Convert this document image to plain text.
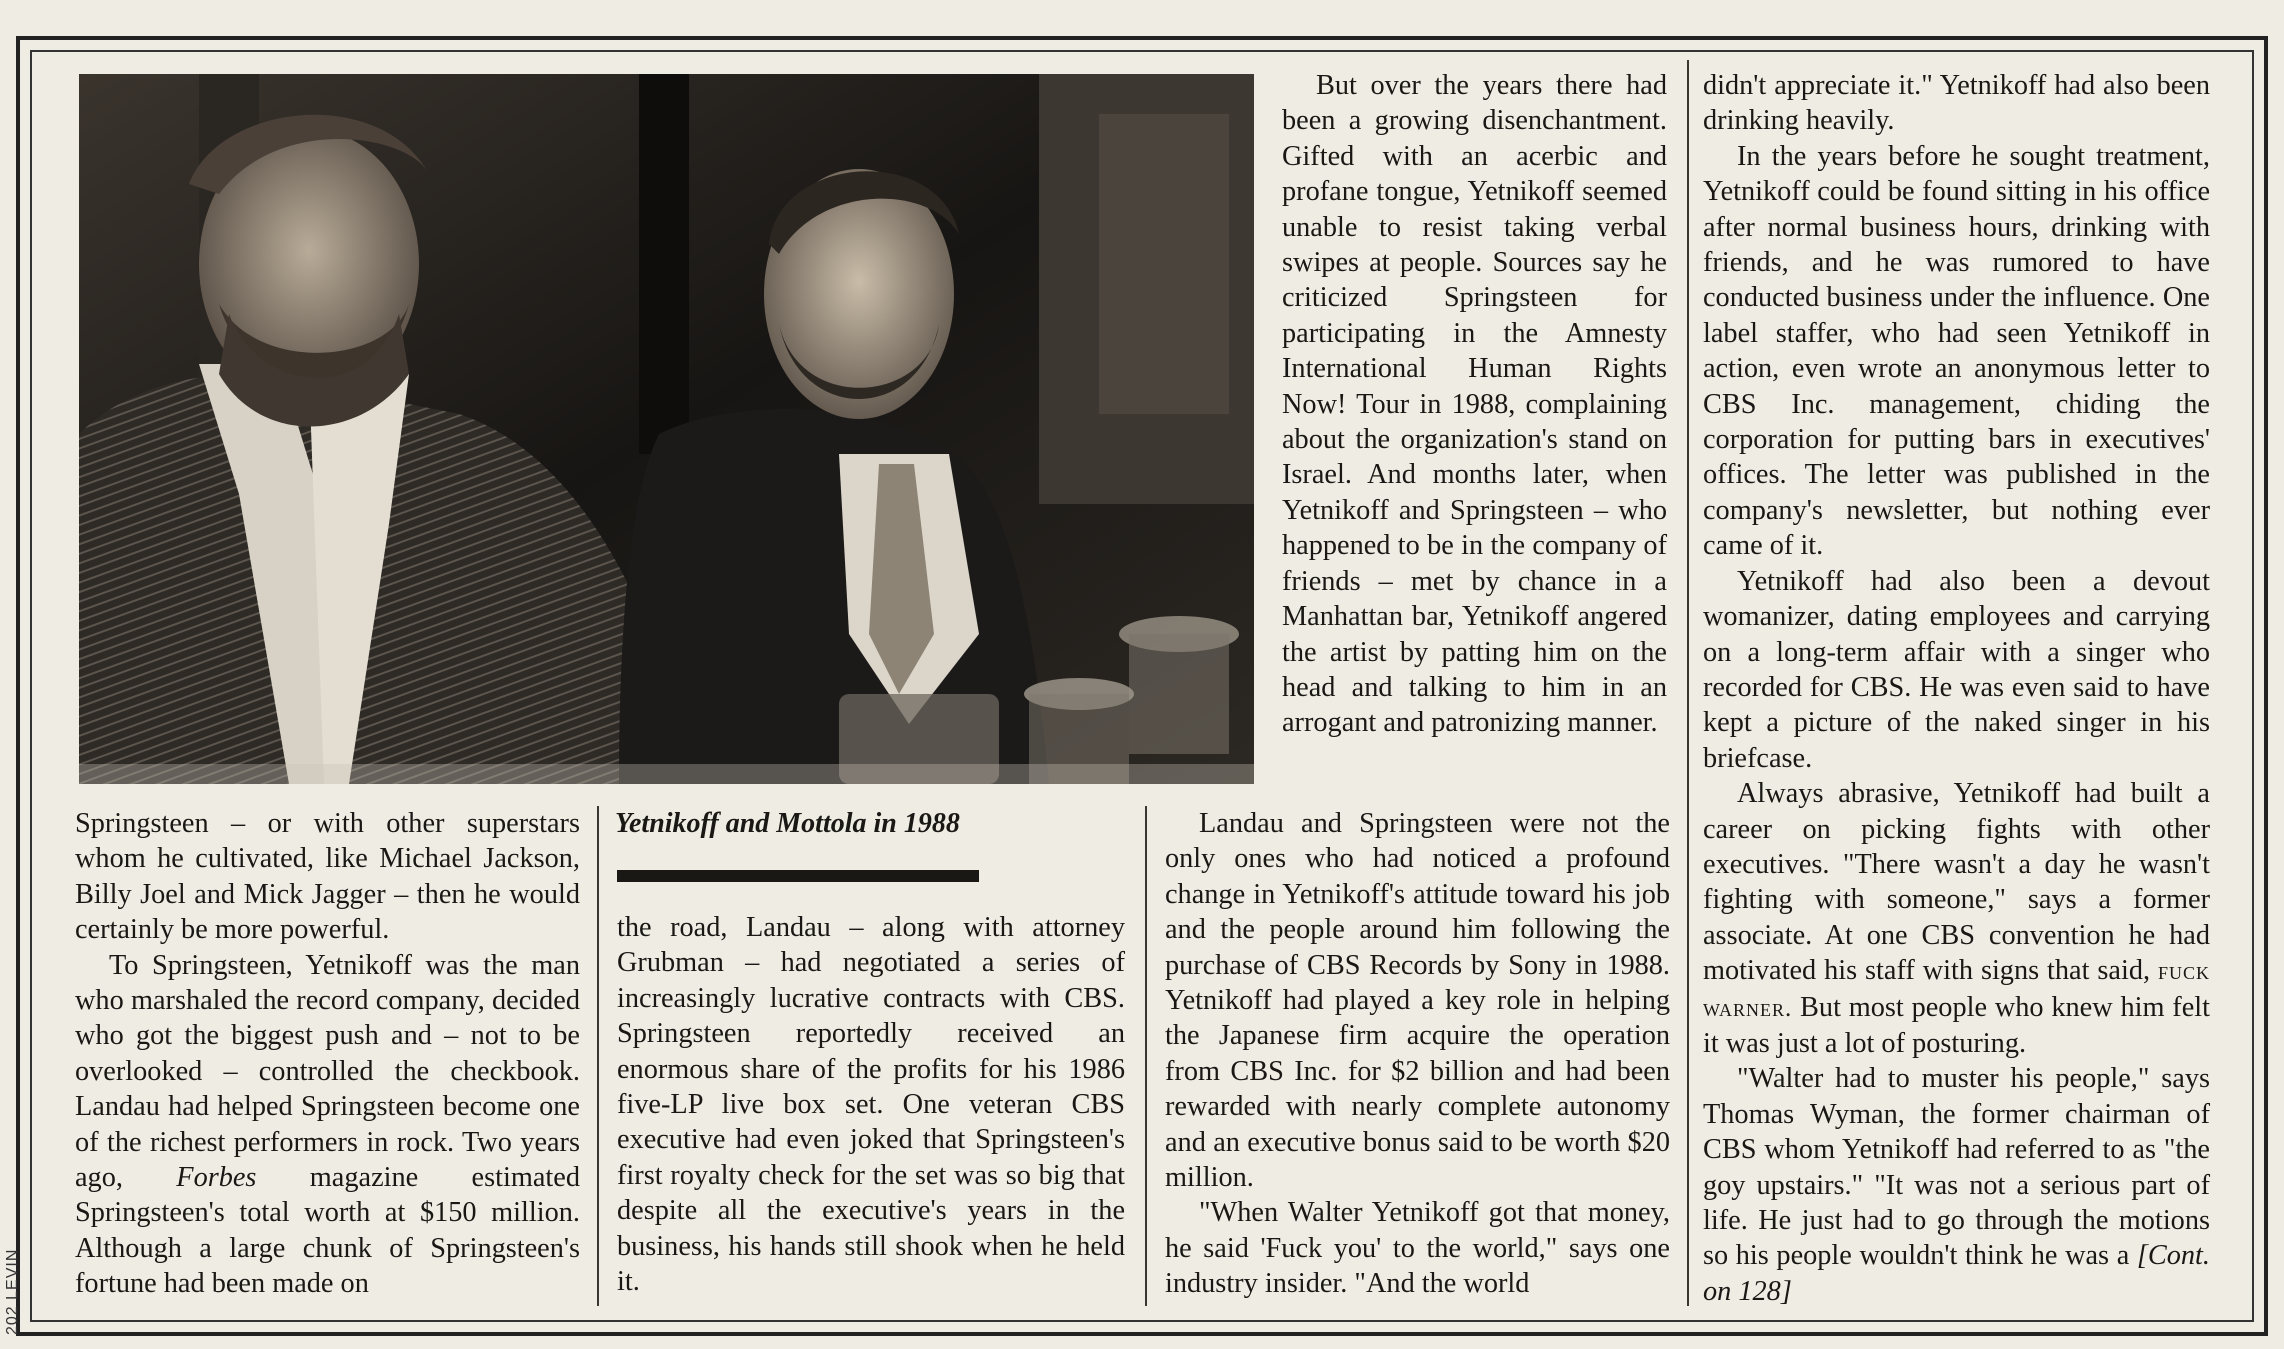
Springsteen – or with other superstars whom he cultivated, like Michael Jackson, Billy Joel and Mick Jagger – then he would certainly be more powerful.

To Springsteen, Yetnikoff was the man who marshaled the record company, decided who got the biggest push and – not to be overlooked – controlled the checkbook. Landau had helped Springsteen become one of the richest performers in rock. Two years ago, Forbes magazine estimated Springsteen's total worth at $150 million. Although a large chunk of Springsteen's fortune had been made on

Yetnikoff and Mottola in 1988

the road, Landau – along with attorney Grubman – had negotiated a series of increasingly lucrative contracts with CBS. Springsteen reportedly received an enormous share of the profits for his 1986 five-LP live box set. One veteran CBS executive had even joked that Springsteen's first royalty check for the set was so big that despite all the executive's years in the business, his hands still shook when he held it.

But over the years there had been a growing disenchantment. Gifted with an acerbic and profane tongue, Yetnikoff seemed unable to resist taking verbal swipes at people. Sources say he criticized Springsteen for participating in the Amnesty International Human Rights Now! Tour in 1988, complaining about the organization's stand on Israel. And months later, when Yetnikoff and Springsteen – who happened to be in the company of friends – met by chance in a Manhattan bar, Yetnikoff angered the artist by patting him on the head and talking to him in an arrogant and patronizing manner.

Landau and Springsteen were not the only ones who had noticed a profound change in Yetnikoff's attitude toward his job and the people around him following the purchase of CBS Records by Sony in 1988. Yetnikoff had played a key role in helping the Japanese firm acquire the operation from CBS Inc. for $2 billion and had been rewarded with nearly complete autonomy and an executive bonus said to be worth $20 million.

"When Walter Yetnikoff got that money, he said 'Fuck you' to the world," says one industry insider. "And the world

didn't appreciate it." Yetnikoff had also been drinking heavily.

In the years before he sought treatment, Yetnikoff could be found sitting in his office after normal business hours, drinking with friends, and he was rumored to have conducted business under the influence. One label staffer, who had seen Yetnikoff in action, even wrote an anonymous letter to CBS Inc. management, chiding the corporation for putting bars in executives' offices. The letter was published in the company's newsletter, but nothing ever came of it.

Yetnikoff had also been a devout womanizer, dating employees and carrying on a long-term affair with a singer who recorded for CBS. He was even said to have kept a picture of the naked singer in his briefcase.

Always abrasive, Yetnikoff had built a career on picking fights with other executives. "There wasn't a day he wasn't fighting with someone," says a former associate. At one CBS convention he had motivated his staff with signs that said, fuck warner. But most people who knew him felt it was just a lot of posturing.

"Walter had to muster his people," says Thomas Wyman, the former chairman of CBS whom Yetnikoff had referred to as "the goy upstairs." "It was not a serious part of life. He just had to go through the motions so his people wouldn't think he was a [Cont. on 128]

202 LEVIN
